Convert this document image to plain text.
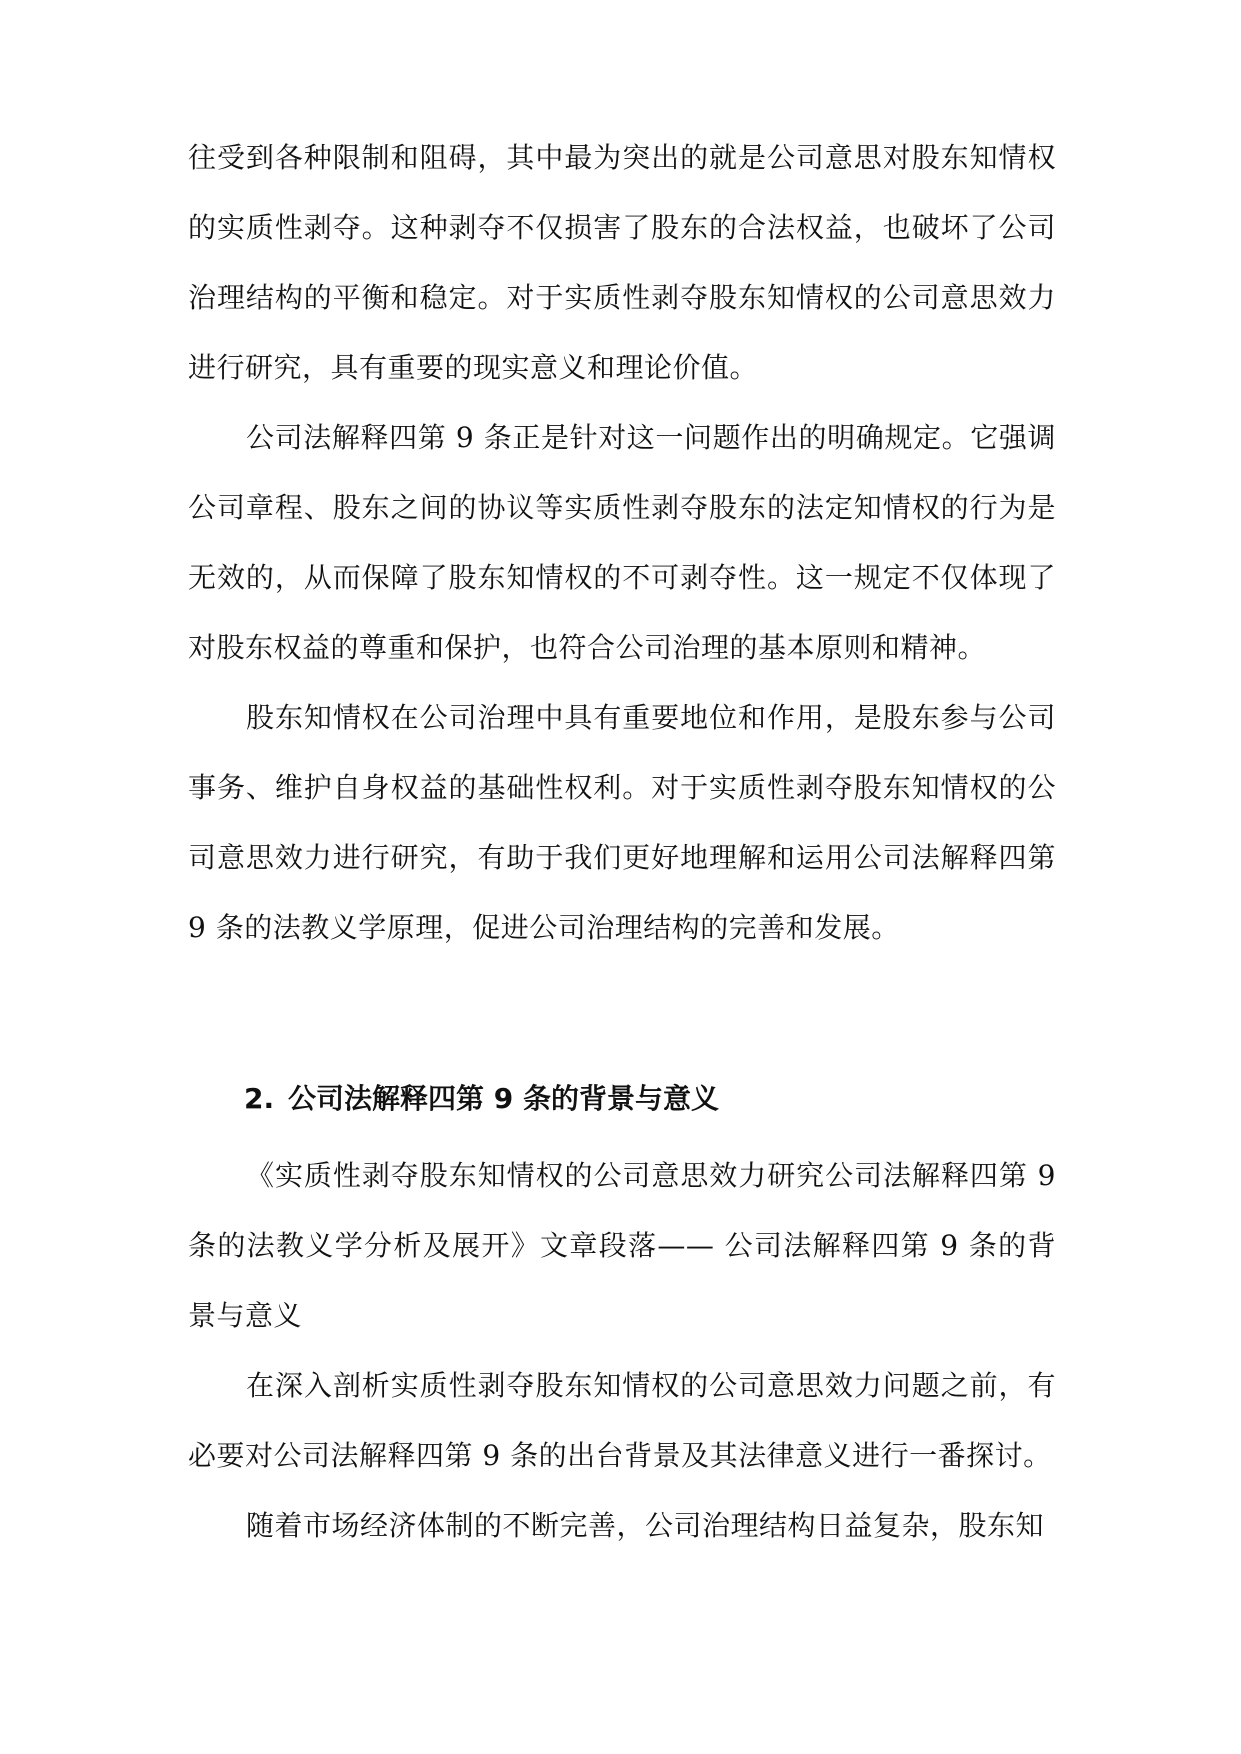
往受到各种限制和阻碍，其中最为突出的就是公司意思对股东知情权的实质性剥夺。这种剥夺不仅损害了股东的合法权益，也破坏了公司治理结构的平衡和稳定。对于实质性剥夺股东知情权的公司意思效力进行研究，具有重要的现实意义和理论价值。

公司法解释四第 9 条正是针对这一问题作出的明确规定。它强调公司章程、股东之间的协议等实质性剥夺股东的法定知情权的行为是无效的，从而保障了股东知情权的不可剥夺性。这一规定不仅体现了对股东权益的尊重和保护，也符合公司治理的基本原则和精神。

股东知情权在公司治理中具有重要地位和作用，是股东参与公司事务、维护自身权益的基础性权利。对于实质性剥夺股东知情权的公司意思效力进行研究，有助于我们更好地理解和运用公司法解释四第 9 条的法教义学原理，促进公司治理结构的完善和发展。

2. 公司法解释四第 9 条的背景与意义

《实质性剥夺股东知情权的公司意思效力研究公司法解释四第 9 条的法教义学分析及展开》文章段落—— 公司法解释四第 9 条的背景与意义

在深入剖析实质性剥夺股东知情权的公司意思效力问题之前，有必要对公司法解释四第 9 条的出台背景及其法律意义进行一番探讨。

随着市场经济体制的不断完善，公司治理结构日益复杂，股东知
